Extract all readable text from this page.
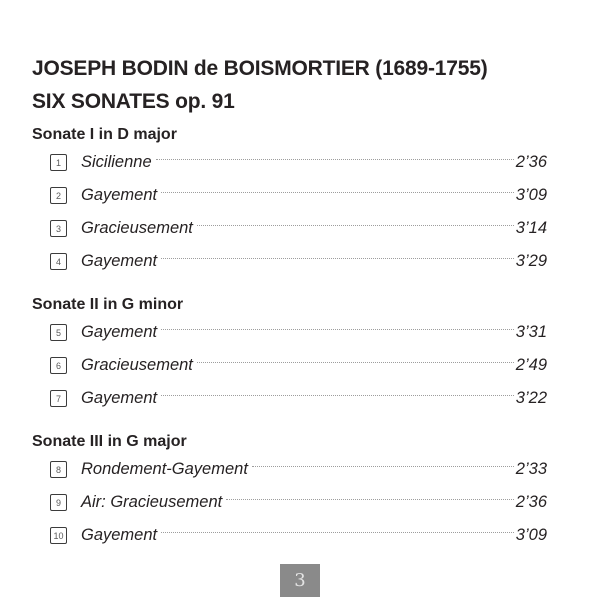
JOSEPH BODIN de BOISMORTIER (1689-1755)
SIX SONATES op. 91
Sonate I in D major
1	Sicilienne	2’36
2	Gayement	3’09
3	Gracieusement	3’14
4	Gayement	3’29
Sonate II in G minor
5	Gayement	3’31
6	Gracieusement	2’49
7	Gayement	3’22
Sonate III in G major
8	Rondement-Gayement	2’33
9	Air: Gracieusement	2’36
10 Gayement	3’09
3
